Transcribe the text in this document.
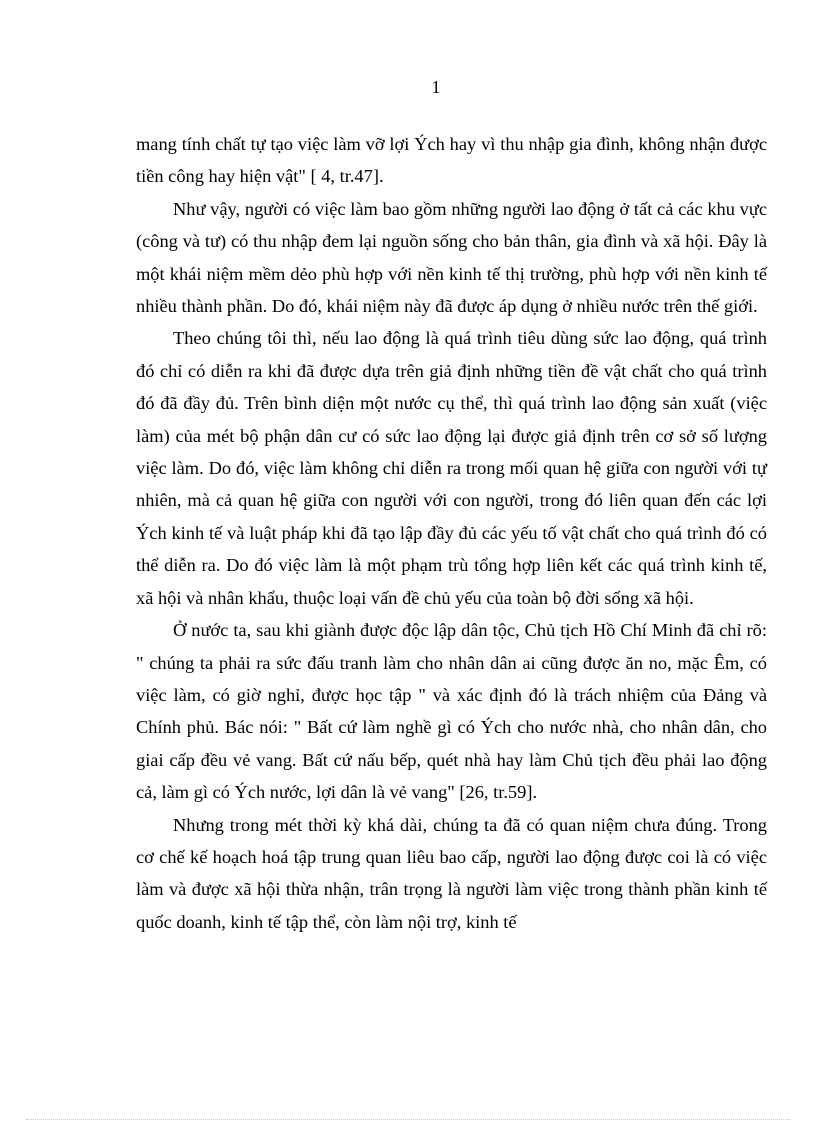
1

mang tính chất tự tạo việc làm vỡ lợi Ých hay vì thu nhập gia đình, không nhận được tiền công hay hiện vật" [ 4, tr.47].

Như vậy, người có việc làm bao gồm những người lao động ở tất cả các khu vực (công và tư) có thu nhập đem lại nguồn sống cho bản thân, gia đình và xã hội. Đây là một khái niệm mềm dẻo phù hợp với nền kinh tế thị trường, phù hợp với nền kinh tế nhiều thành phần. Do đó, khái niệm này đã được áp dụng ở nhiều nước trên thế giới.

Theo chúng tôi thì, nếu lao động là quá trình tiêu dùng sức lao động, quá trình đó chỉ có diễn ra khi đã được dựa trên giả định những tiền đề vật chất cho quá trình đó đã đầy đủ. Trên bình diện một nước cụ thể, thì quá trình lao động sản xuất (việc làm) của mét bộ phận dân cư có sức lao động lại được giả định trên cơ sở số lượng việc làm. Do đó, việc làm không chỉ diễn ra trong mối quan hệ giữa con người với tự nhiên, mà cả quan hệ giữa con người với con người, trong đó liên quan đến các lợi Ých kinh tế và luật pháp khi đã tạo lập đầy đủ các yếu tố vật chất cho quá trình đó có thể diễn ra. Do đó việc làm là một phạm trù tổng hợp liên kết các quá trình kinh tế, xã hội và nhân khẩu, thuộc loại vấn đề chủ yếu của toàn bộ đời sống xã hội.

Ở nước ta, sau khi giành được độc lập dân tộc, Chủ tịch Hồ Chí Minh đã chỉ rõ: " chúng ta phải ra sức đấu tranh làm cho nhân dân ai cũng được ăn no, mặc Êm, có việc làm, có giờ nghỉ, được học tập " và xác định đó là trách nhiệm của Đảng và Chính phủ. Bác nói: " Bất cứ làm nghề gì có Ých cho nước nhà, cho nhân dân, cho giai cấp đều vẻ vang. Bất cứ nấu bếp, quét nhà hay làm Chủ tịch đều phải lao động cả, làm gì có Ých nước, lợi dân là vẻ vang" [26, tr.59].

Nhưng trong mét thời kỳ khá dài, chúng ta đã có quan niệm chưa đúng. Trong cơ chế kế hoạch hoá tập trung quan liêu bao cấp, người lao động được coi là có việc làm và được xã hội thừa nhận, trân trọng là người làm việc trong thành phần kinh tế quốc doanh, kinh tế tập thể, còn làm nội trợ, kinh tế
